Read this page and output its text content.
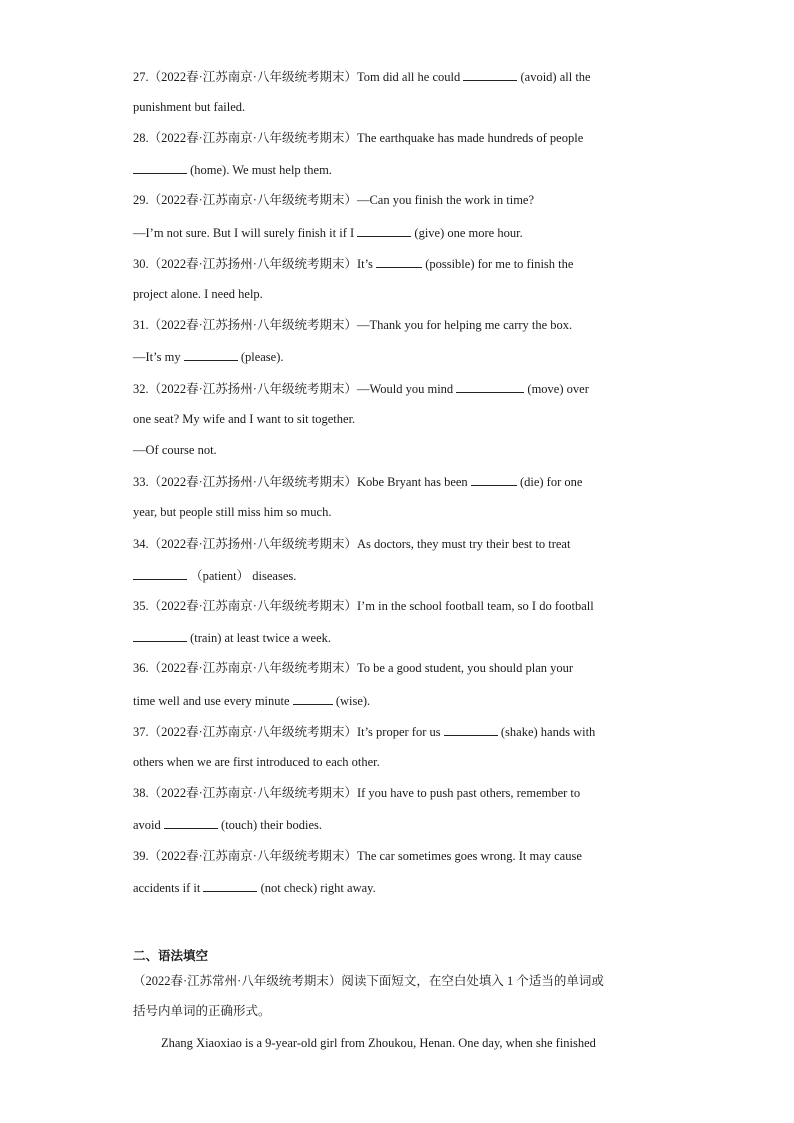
27.（2022春·江苏南京·八年级统考期末）Tom did all he could	(avoid) all the
punishment but failed.
28.（2022春·江苏南京·八年级统考期末）The earthquake has made hundreds of people
(home). We must help them.
29.（2022春·江苏南京·八年级统考期末）—Can you finish the work in time?
—I’m not sure. But I will surely finish it if I	(give) one more hour.
30.（2022春·江苏扬州·八年级统考期末）It’s	(possible) for me to finish the
project alone. I need help.
31.（2022春·江苏扬州·八年级统考期末）—Thank you for helping me carry the box.
—It’s my	(please).
32.（2022春·江苏扬州·八年级统考期末）—Would you mind	(move) over
one seat? My wife and I want to sit together.
—Of course not.
33.（2022春·江苏扬州·八年级统考期末）Kobe Bryant has been	(die) for one
year, but people still miss him so much.
34.（2022春·江苏扬州·八年级统考期末）As doctors, they must try their best to treat
（patient） diseases.
35.（2022春·江苏南京·八年级统考期末）I’m in the school football team, so I do football
(train) at least twice a week.
36.（2022春·江苏南京·八年级统考期末）To be a good student, you should plan your
time well and use every minute	(wise).
37.（2022春·江苏南京·八年级统考期末）It’s proper for us	(shake) hands with
others when we are first introduced to each other.
38.（2022春·江苏南京·八年级统考期末）If you have to push past others, remember to
avoid	(touch) their bodies.
39.（2022春·江苏南京·八年级统考期末）The car sometimes goes wrong. It may cause
accidents if it	(not check) right away.
二、语法填空
（2022春·江苏常州·八年级统考期末）阅读下面短文，在空白处填入 1 个适当的单词或
括号内单词的正确形式。
Zhang Xiaoxiao is a 9-year-old girl from Zhoukou, Henan. One day, when she finished
